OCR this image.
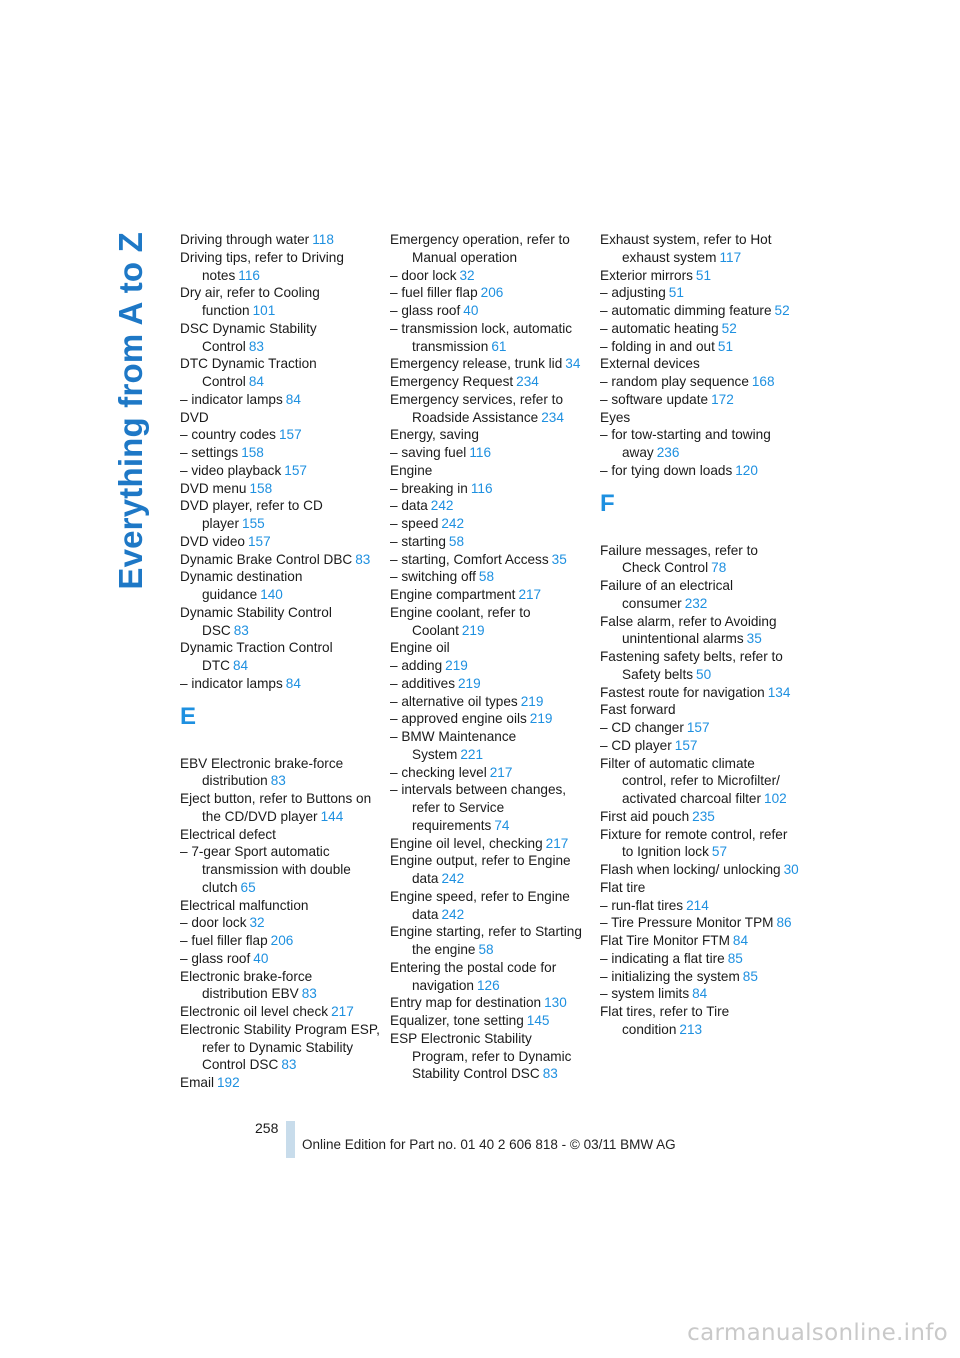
Everything from A to Z Driving through water 118
Driving tips, refer to Driving notes 116
Dry air, refer to Cooling function 101
DSC Dynamic Stability Control 83
DTC Dynamic Traction Control 84
– indicator lamps 84
DVD
– country codes 157
– settings 158
– video playback 157
DVD menu 158
DVD player, refer to CD player 155
DVD video 157
Dynamic Brake Control DBC 83
Dynamic destination guidance 140
Dynamic Stability Control DSC 83
Dynamic Traction Control DTC 84
– indicator lamps 84
E
EBV Electronic brake-force distribution 83
Eject button, refer to Buttons on the CD/DVD player 144
Electrical defect
– 7-gear Sport automatic transmission with double clutch 65
Electrical malfunction
– door lock 32
– fuel filler flap 206
– glass roof 40
Electronic brake-force distribution EBV 83
Electronic oil level check 217
Electronic Stability Program ESP, refer to Dynamic Stability Control DSC 83
Email 192
Emergency operation, refer to Manual operation
– door lock 32
– fuel filler flap 206
– glass roof 40
– transmission lock, automatic transmission 61
Emergency release, trunk lid 34
Emergency Request 234
Emergency services, refer to Roadside Assistance 234
Energy, saving
– saving fuel 116
Engine
– breaking in 116
– data 242
– speed 242
– starting 58
– starting, Comfort Access 35
– switching off 58
Engine compartment 217
Engine coolant, refer to Coolant 219
Engine oil
– adding 219
– additives 219
– alternative oil types 219
– approved engine oils 219
– BMW Maintenance System 221
– checking level 217
– intervals between changes, refer to Service requirements 74
Engine oil level, checking 217
Engine output, refer to Engine data 242
Engine speed, refer to Engine data 242
Engine starting, refer to Starting the engine 58
Entering the postal code for navigation 126
Entry map for destination 130
Equalizer, tone setting 145
ESP Electronic Stability Program, refer to Dynamic Stability Control DSC 83
Exhaust system, refer to Hot exhaust system 117
Exterior mirrors 51
– adjusting 51
– automatic dimming feature 52
– automatic heating 52
– folding in and out 51
External devices
– random play sequence 168
– software update 172
Eyes
– for tow-starting and towing away 236
– for tying down loads 120
F
Failure messages, refer to Check Control 78
Failure of an electrical consumer 232
False alarm, refer to Avoiding unintentional alarms 35
Fastening safety belts, refer to Safety belts 50
Fastest route for navigation 134
Fast forward
– CD changer 157
– CD player 157
Filter of automatic climate control, refer to Microfilter/ activated charcoal filter 102
First aid pouch 235
Fixture for remote control, refer to Ignition lock 57
Flash when locking/ unlocking 30
Flat tire
– run-flat tires 214
– Tire Pressure Monitor TPM 86
Flat Tire Monitor FTM 84
– indicating a flat tire 85
– initializing the system 85
– system limits 84
Flat tires, refer to Tire condition 213
258
Online Edition for Part no. 01 40 2 606 818 - © 03/11 BMW AG
carmanualsonline.info
